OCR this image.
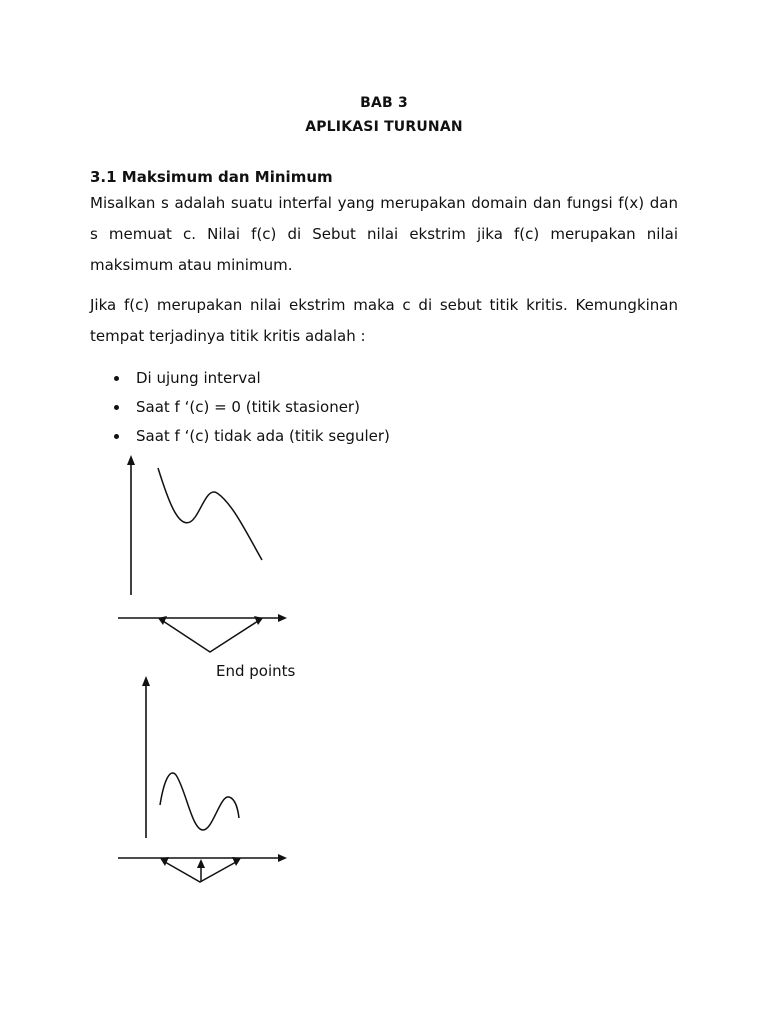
BAB 3
APLIKASI TURUNAN
3.1 Maksimum dan Minimum
Misalkan s adalah suatu interfal yang merupakan domain dan fungsi f(x) dan s memuat c. Nilai f(c) di Sebut nilai ekstrim jika f(c) merupakan nilai maksimum atau minimum.
Jika f(c) merupakan nilai ekstrim maka c di sebut titik kritis. Kemungkinan tempat terjadinya titik kritis adalah :
Di ujung interval
Saat f ‘(c) = 0 (titik stasioner)
Saat f ‘(c) tidak ada (titik seguler)
End points
